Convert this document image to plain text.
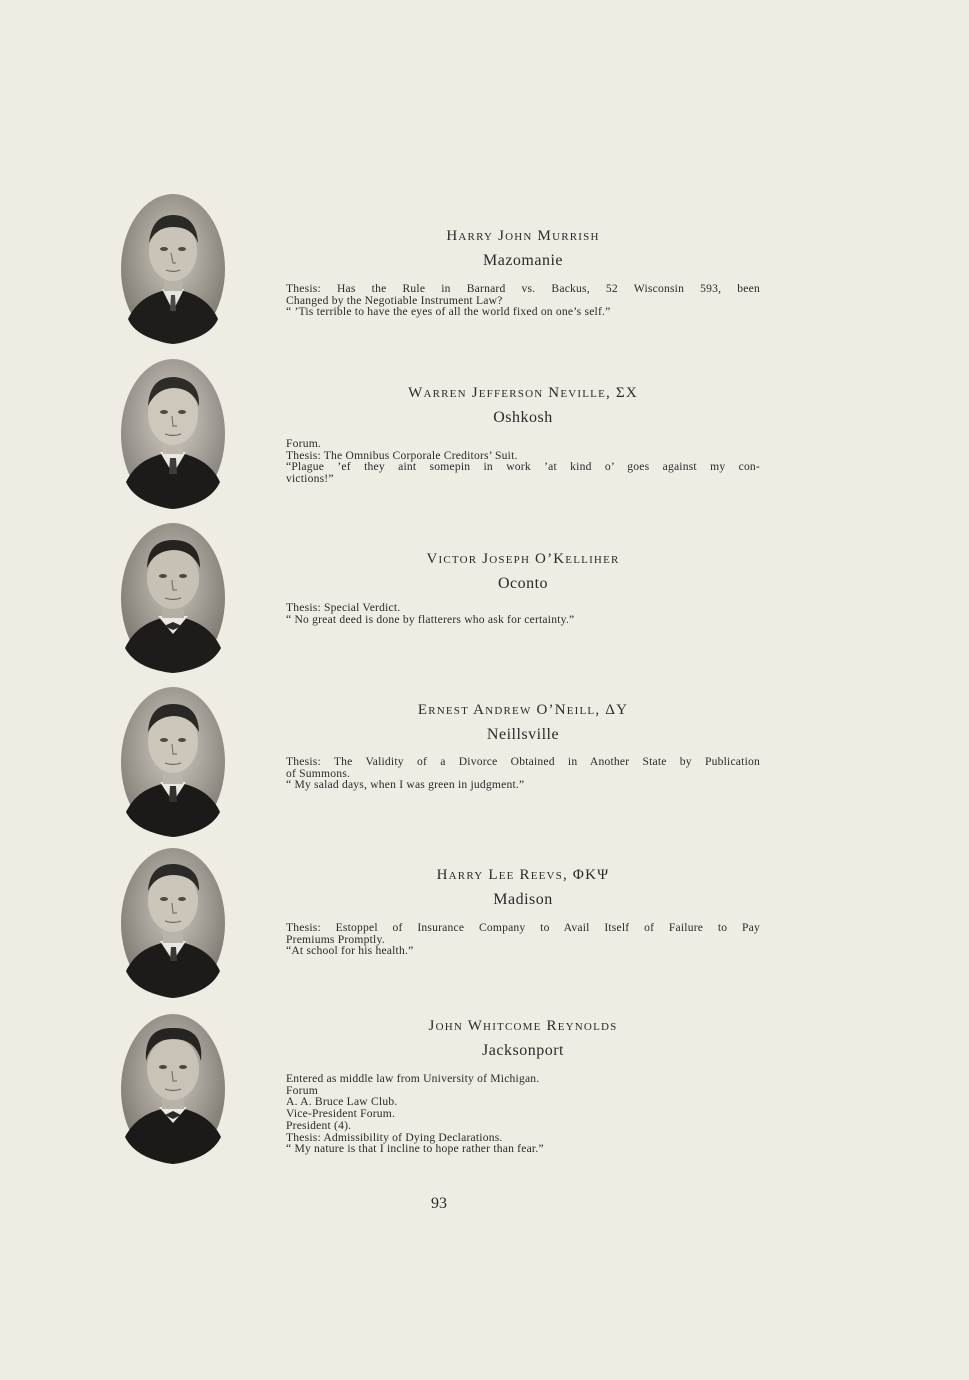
Harry John Murrish
Mazomanie
Thesis: Has the Rule in Barnard vs. Backus, 52 Wisconsin 593, been
Changed by the Negotiable Instrument Law?
“ ’Tis terrible to have the eyes of all the world fixed on one’s self.”
Warren Jefferson Neville, ΣX
Oshkosh
Forum.
Thesis: The Omnibus Corporale Creditors’ Suit.
“Plague ’ef they aint somepin in work ’at kind o’ goes against my con-
victions!”
Victor Joseph O’Kelliher
Oconto
Thesis: Special Verdict.
“ No great deed is done by flatterers who ask for certainty.”
Ernest Andrew O’Neill, ΔY
Neillsville
Thesis: The Validity of a Divorce Obtained in Another State by Publication
of Summons.
“ My salad days, when I was green in judgment.”
Harry Lee Reevs, ΦKΨ
Madison
Thesis: Estoppel of Insurance Company to Avail Itself of Failure to Pay
Premiums Promptly.
“At school for his health.”
John Whitcome Reynolds
Jacksonport
Entered as middle law from University of Michigan.
Forum
A. A. Bruce Law Club.
Vice-President Forum.
President (4).
Thesis: Admissibility of Dying Declarations.
“ My nature is that I incline to hope rather than fear.”
93
